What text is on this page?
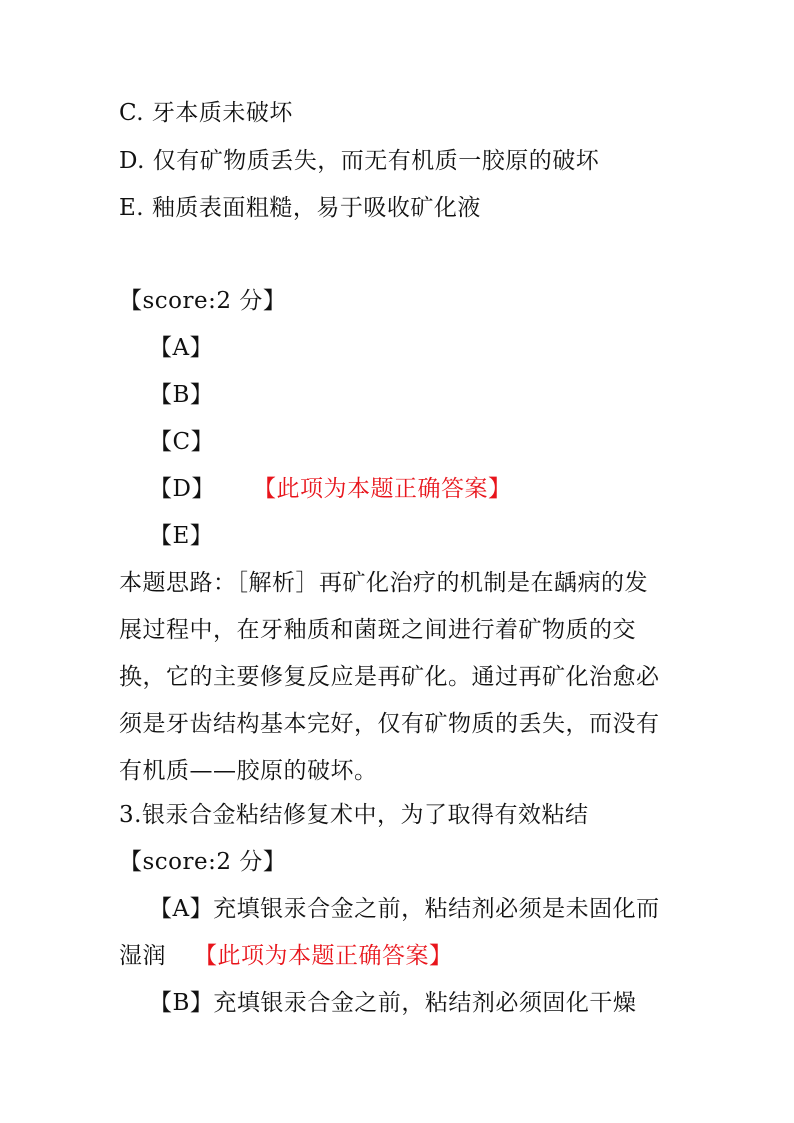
C. 牙本质未破坏
D. 仅有矿物质丢失，而无有机质一胶原的破坏
E. 釉质表面粗糙，易于吸收矿化液
【score:2 分】
【A】
【B】
【C】
【D】 【此项为本题正确答案】
【E】
本题思路：［解析］再矿化治疗的机制是在龋病的发
展过程中，在牙釉质和菌斑之间进行着矿物质的交
换，它的主要修复反应是再矿化。通过再矿化治愈必
须是牙齿结构基本完好，仅有矿物质的丢失，而没有
有机质——胶原的破坏。
3.银汞合金粘结修复术中，为了取得有效粘结
【score:2 分】
【A】充填银汞合金之前，粘结剂必须是未固化而
湿润 【此项为本题正确答案】
【B】充填银汞合金之前，粘结剂必须固化干燥
